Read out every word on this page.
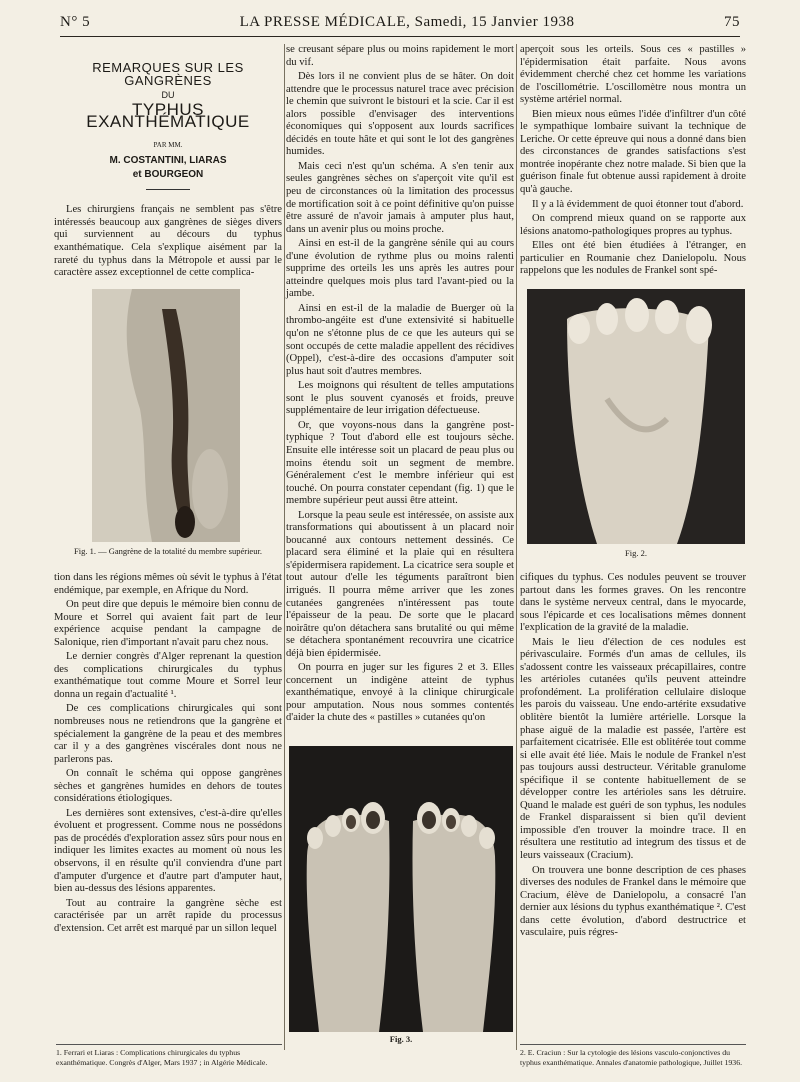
N° 5	LA PRESSE MÉDICALE, Samedi, 15 Janvier 1938	75
REMARQUES SUR LES GANGRÈNES
DU
TYPHUS EXANTHÉMATIQUE
PAR MM.
M. COSTANTINI, LIARAS
et BOURGEON

Les chirurgiens français ne semblent pas s'être intéressés beaucoup aux gangrènes de sièges divers qui surviennent au décours du typhus exanthématique. Cela s'explique aisément par la rareté du typhus dans la Métropole et aussi par le caractère assez exceptionnel de cette complica-

Fig. 1. — Gangrène de la totalité du membre supérieur.

tion dans les régions mêmes où sévit le typhus à l'état endémique, par exemple, en Afrique du Nord.

On peut dire que depuis le mémoire bien connu de Moure et Sorrel qui avaient fait part de leur expérience acquise pendant la campagne de Salonique, rien d'important n'avait paru chez nous.

Le dernier congrès d'Alger reprenant la question des complications chirurgicales du typhus exanthématique tout comme Moure et Sorrel leur donna un regain d'actualité ¹.

De ces complications chirurgicales qui sont nombreuses nous ne retiendrons que la gangrène et spécialement la gangrène de la peau et des membres car il y a des gangrènes viscérales dont nous ne parlerons pas.

On connaît le schéma qui oppose gangrènes sèches et gangrènes humides en dehors de toutes considérations étiologiques.

Les dernières sont extensives, c'est-à-dire qu'elles évoluent et progressent. Comme nous ne possédons pas de procédés d'exploration assez sûrs pour nous en indiquer les limites exactes au moment où nous les observons, il en résulte qu'il conviendra d'une part d'amputer d'urgence et d'autre part d'amputer haut, bien au-dessus des lésions apparentes.

Tout au contraire la gangrène sèche est caractérisée par un arrêt rapide du processus d'extension. Cet arrêt est marqué par un sillon lequel

se creusant sépare plus ou moins rapidement le mort du vif.

Dès lors il ne convient plus de se hâter. On doit attendre que le processus naturel trace avec précision le chemin que suivront le bistouri et la scie. Car il est alors possible d'envisager des interventions économiques qui s'opposent aux lourds sacrifices décidés en toute hâte et qui sont le lot des gangrènes humides.

Mais ceci n'est qu'un schéma. A s'en tenir aux seules gangrènes sèches on s'aperçoit vite qu'il est peu de circonstances où la limitation des processus de mortification soit à ce point définitive qu'on puisse être assuré de n'avoir jamais à amputer plus haut, dans un avenir plus ou moins proche.

Ainsi en est-il de la gangrène sénile qui au cours d'une évolution de rythme plus ou moins ralenti supprime des orteils les uns après les autres pour atteindre quelques mois plus tard l'avant-pied ou la jambe.

Ainsi en est-il de la maladie de Buerger où la thrombo-angéite est d'une extensivité si habituelle qu'on ne s'étonne plus de ce que les auteurs qui se sont occupés de cette maladie appellent des récidives (Oppel), c'est-à-dire des occasions d'amputer soit plus haut soit d'autres membres.

Les moignons qui résultent de telles amputations sont le plus souvent cyanosés et froids, preuve supplémentaire de leur irrigation défectueuse.

Or, que voyons-nous dans la gangrène post-typhique ? Tout d'abord elle est toujours sèche. Ensuite elle intéresse soit un placard de peau plus ou moins étendu soit un segment de membre. Généralement c'est le membre inférieur qui est touché. On pourra constater cependant (fig. 1) que le membre supérieur peut aussi être atteint.

Lorsque la peau seule est intéressée, on assiste aux transformations qui aboutissent à un placard noir boucanné aux contours nettement dessinés. Ce placard sera éliminé et la plaie qui en résultera s'épidermisera rapidement. La cicatrice sera souple et tout autour d'elle les téguments paraîtront bien irrigués. Il pourra même arriver que les zones cutanées gangrenées n'intéressent pas toute l'épaisseur de la peau. De sorte que le placard noirâtre qu'on détachera sans brutalité ou qui même se détachera spontanément recouvrira une cicatrice déjà bien épidermisée.

On pourra en juger sur les figures 2 et 3. Elles concernent un indigène atteint de typhus exanthématique, envoyé à la clinique chirurgicale pour amputation. Nous nous sommes contentés d'aider la chute des « pastilles » cutanées qu'on

aperçoit sous les orteils. Sous ces « pastilles » l'épidermisation était parfaite. Nous avons évidemment cherché chez cet homme les variations de l'oscillométrie. L'oscillomètre nous montra un système artériel normal.

Bien mieux nous eûmes l'idée d'infiltrer d'un côté le sympathique lombaire suivant la technique de Leriche. Or cette épreuve qui nous a donné dans bien des circonstances de grandes satisfactions s'est montrée inopérante chez notre malade. Si bien que la guérison finale fut obtenue aussi rapidement à droite qu'à gauche.

Il y a là évidemment de quoi étonner tout d'abord.

On comprend mieux quand on se rapporte aux lésions anatomo-pathologiques propres au typhus.

Elles ont été bien étudiées à l'étranger, en particulier en Roumanie chez Danielopolu. Nous rappelons que les nodules de Frankel sont spé-

Fig. 2.

cifiques du typhus. Ces nodules peuvent se trouver partout dans les formes graves. On les rencontre dans le système nerveux central, dans le myocarde, sous l'épicarde et ces localisations mêmes donnent l'explication de la gravité de la maladie.

Mais le lieu d'élection de ces nodules est périvasculaire. Formés d'un amas de cellules, ils s'adossent contre les vaisseaux précapillaires, contre les artérioles cutanées qu'ils peuvent atteindre profondément. La prolifération cellulaire disloque les parois du vaisseau. Une endo-artérite exsudative oblitère bientôt la lumière artérielle. Lorsque la phase aiguë de la maladie est passée, l'artère est parfaitement cicatrisée. Elle est oblitérée tout comme si elle avait été liée. Mais le nodule de Frankel n'est pas toujours aussi destructeur. Véritable granulome spécifique il se contente habituellement de se développer contre les artérioles sans les détruire. Quand le malade est guéri de son typhus, les nodules de Frankel disparaissent si bien qu'il devient impossible d'en trouver la moindre trace. Il en résultera une restitutio ad integrum des tissus et de leurs vaisseaux (Cracium).

On trouvera une bonne description de ces phases diverses des nodules de Frankel dans le mémoire que Cracium, élève de Danielopolu, a consacré l'an dernier aux lésions du typhus exanthématique ². C'est dans cette évolution, d'abord destructrice et vasculaire, puis régres-

Fig. 3.
1. Ferrari et Liaras : Complications chirurgicales du typhus exanthématique. Congrès d'Alger, Mars 1937 ; in Algérie Médicale.
2. E. Craciun : Sur la cytologie des lésions vasculo-conjonctives du typhus exanthématique. Annales d'anatomie pathologique, Juillet 1936.
